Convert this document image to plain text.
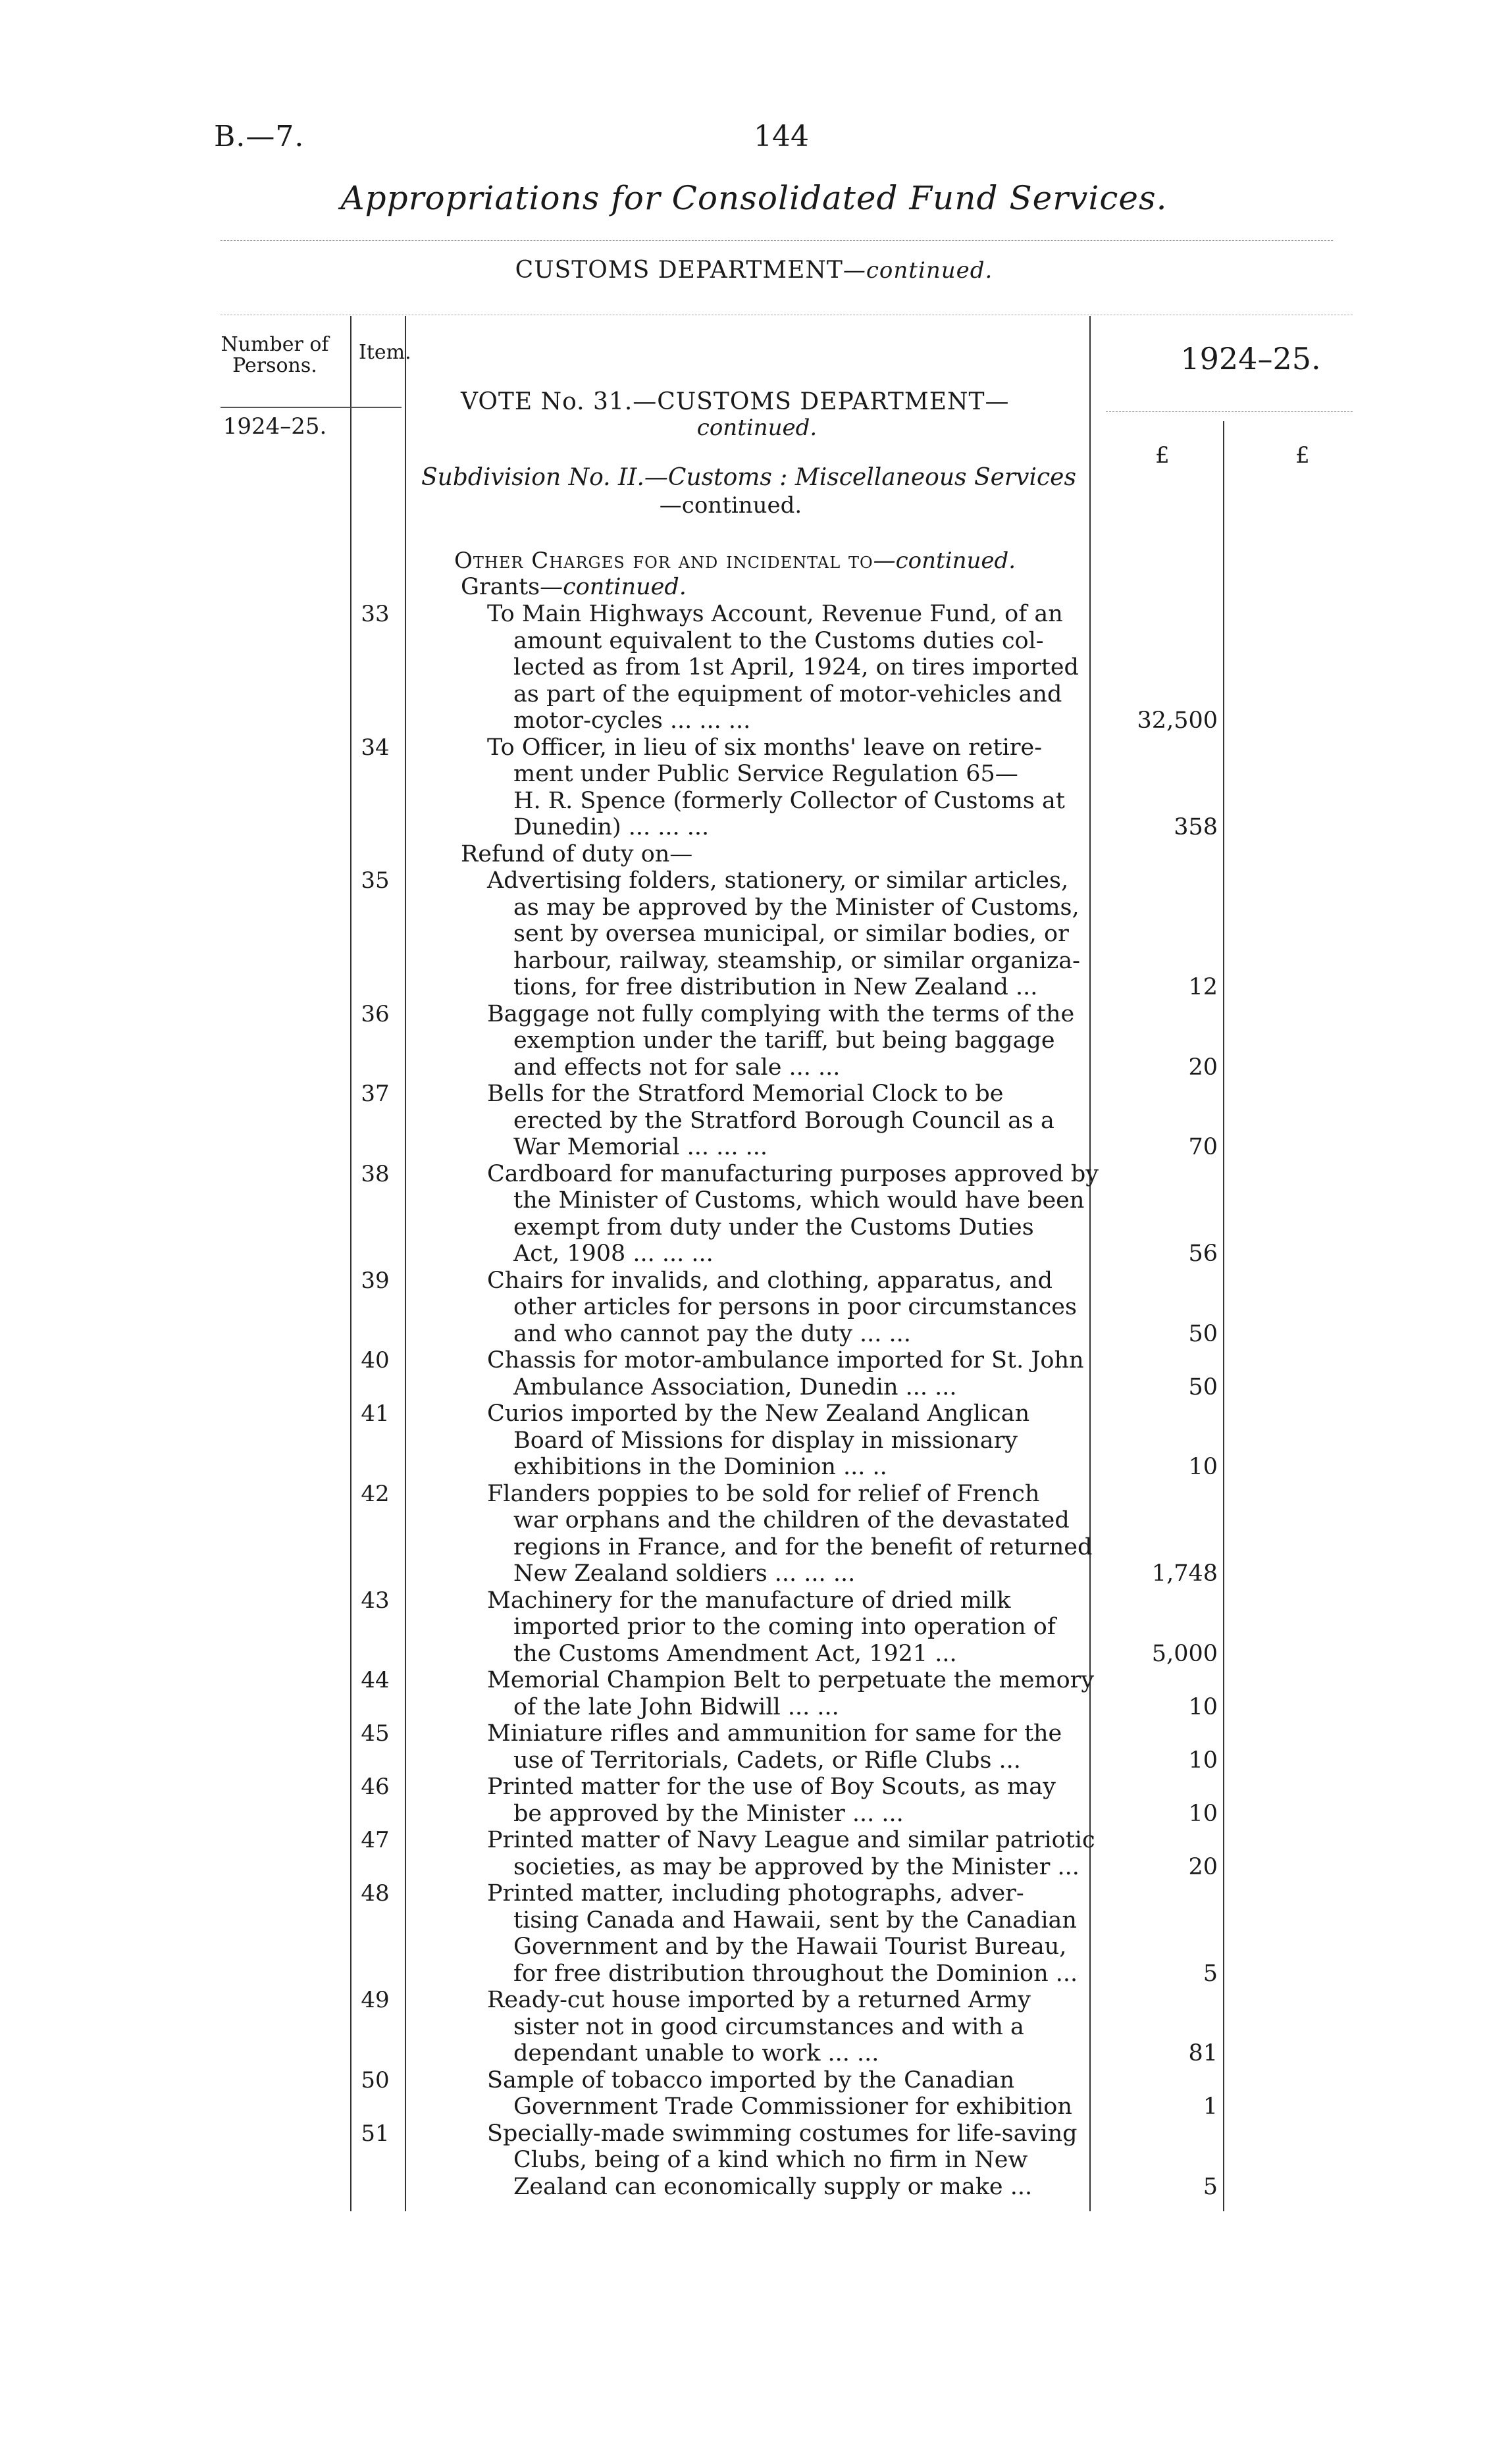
B.—7.	144
Appropriations for Consolidated Fund Services.
CUSTOMS DEPARTMENT—continued.
Number of Persons.
Item.	1924–25.
1924–25.
£	£
VOTE No. 31.—CUSTOMS DEPARTMENT—
continued.
Subdivision No. II.—Customs : Miscellaneous Services
—continued.
Other Charges for and incidental to—continued.
Grants—continued.
33	To Main Highways Account, Revenue Fund, of an
amount equivalent to the Customs duties col-
lected as from 1st April, 1924, on tires imported
as part of the equipment of motor-vehicles and
motor-cycles ... ... ...	32,500
34	To Officer, in lieu of six months' leave on retire-
ment under Public Service Regulation 65—
H. R. Spence (formerly Collector of Customs at
Dunedin) ... ... ...	358
Refund of duty on—
35	Advertising folders, stationery, or similar articles,
as may be approved by the Minister of Customs,
sent by oversea municipal, or similar bodies, or
harbour, railway, steamship, or similar organiza-
tions, for free distribution in New Zealand ...	12
36	Baggage not fully complying with the terms of the
exemption under the tariff, but being baggage
and effects not for sale ... ...	20
37	Bells for the Stratford Memorial Clock to be
erected by the Stratford Borough Council as a
War Memorial ... ... ...	70
38	Cardboard for manufacturing purposes approved by
the Minister of Customs, which would have been
exempt from duty under the Customs Duties
Act, 1908 ... ... ...	56
39	Chairs for invalids, and clothing, apparatus, and
other articles for persons in poor circumstances
and who cannot pay the duty ... ...	50
40	Chassis for motor-ambulance imported for St. John
Ambulance Association, Dunedin ... ...	50
41	Curios imported by the New Zealand Anglican
Board of Missions for display in missionary
exhibitions in the Dominion ... ..	10
42	Flanders poppies to be sold for relief of French
war orphans and the children of the devastated
regions in France, and for the benefit of returned
New Zealand soldiers ... ... ...	1,748
43	Machinery for the manufacture of dried milk
imported prior to the coming into operation of
the Customs Amendment Act, 1921 ...	5,000
44	Memorial Champion Belt to perpetuate the memory
of the late John Bidwill ... ...	10
45	Miniature rifles and ammunition for same for the
use of Territorials, Cadets, or Rifle Clubs ...	10
46	Printed matter for the use of Boy Scouts, as may
be approved by the Minister ... ...	10
47	Printed matter of Navy League and similar patriotic
societies, as may be approved by the Minister ...	20
48	Printed matter, including photographs, adver-
tising Canada and Hawaii, sent by the Canadian
Government and by the Hawaii Tourist Bureau,
for free distribution throughout the Dominion ...	5
49	Ready-cut house imported by a returned Army
sister not in good circumstances and with a
dependant unable to work ... ...	81
50	Sample of tobacco imported by the Canadian
Government Trade Commissioner for exhibition	1
51	Specially-made swimming costumes for life-saving
Clubs, being of a kind which no firm in New
Zealand can economically supply or make ...	5
